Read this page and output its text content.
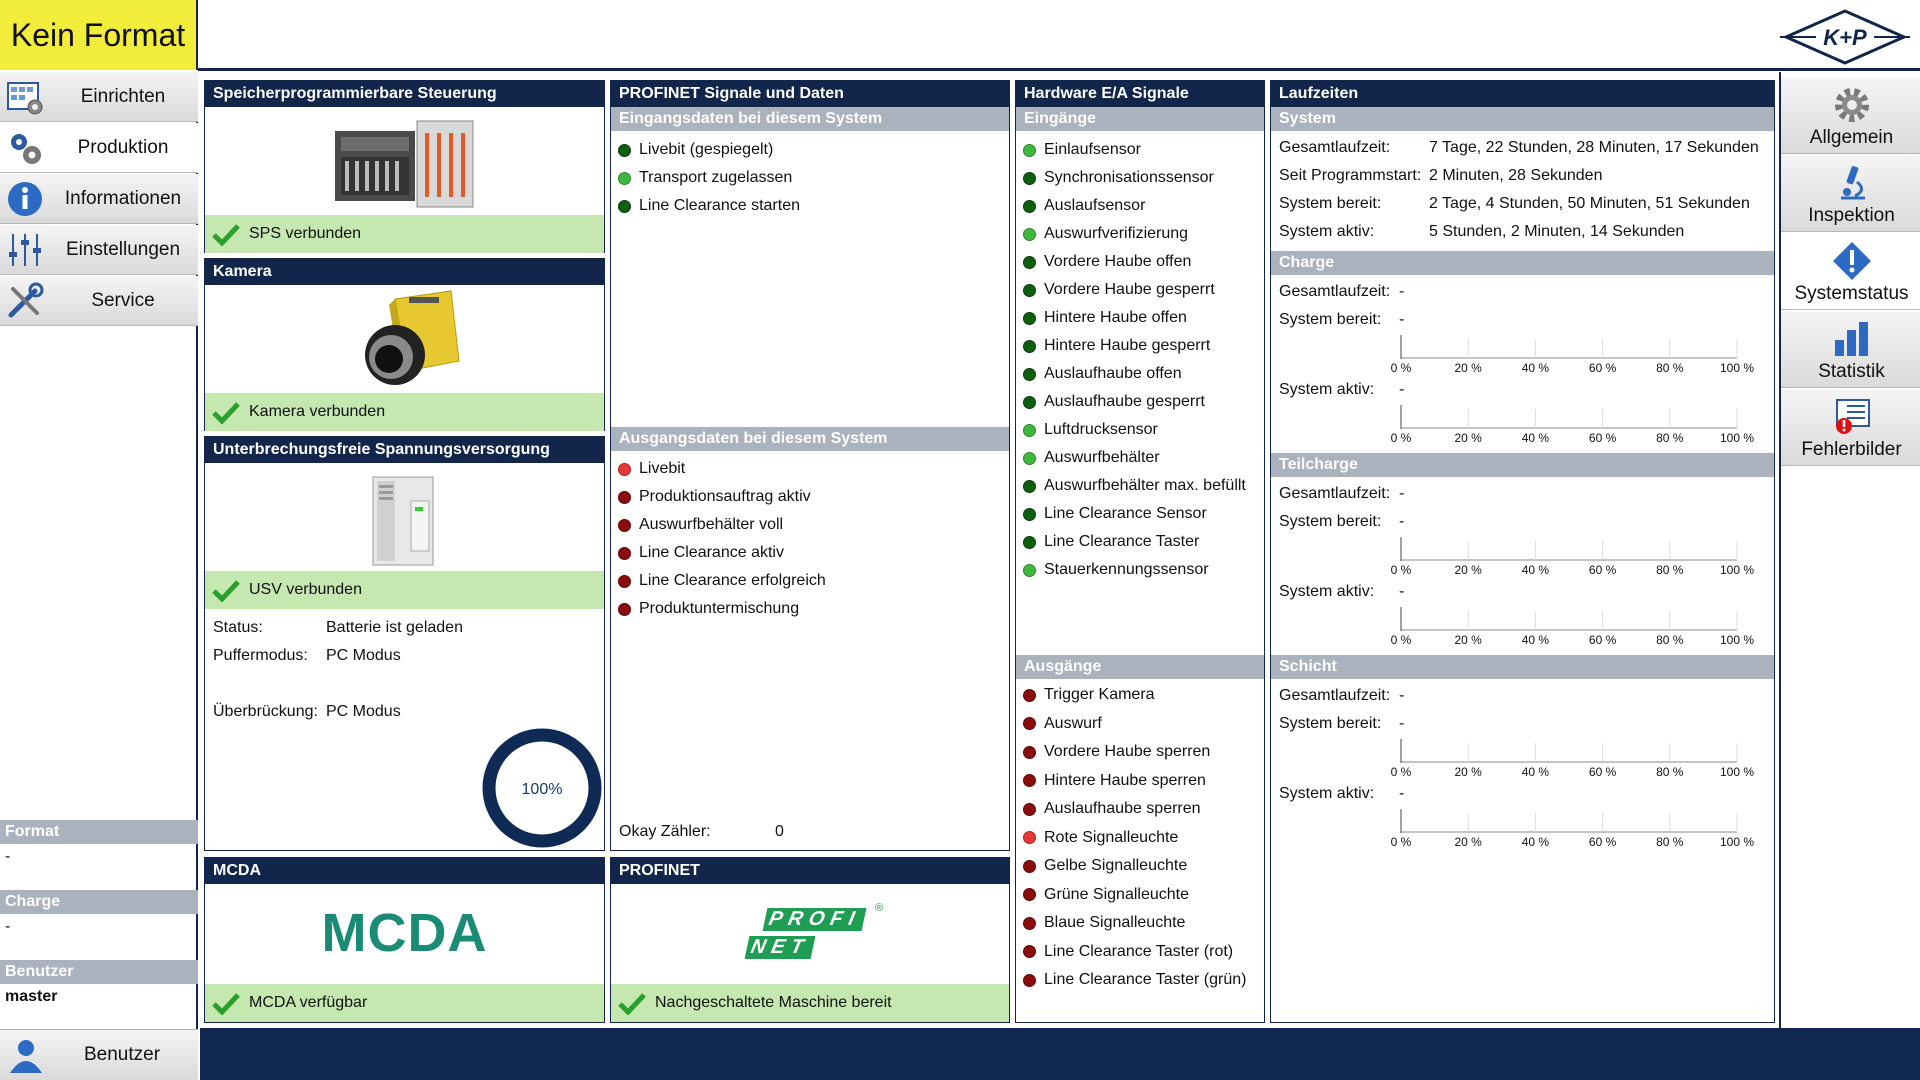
Kein Format	K+P
Einrichten
Produktion
Informationen
Einstellungen
Service
Format
-
Charge
-
Benutzer
master
Benutzer
Allgemein
Inspektion
Systemstatus
Statistik
Fehlerbilder
Speicherprogrammierbare Steuerung
SPS verbunden
Kamera
Kamera verbunden
Unterbrechungsfreie Spannungsversorgung
USV verbunden
Status:	Batterie ist geladen
Puffermodus: PC Modus
Überbrückung: PC Modus
100%
MCDA
MCDA
MCDA verfügbar
PROFINET
PROFI
NET
®
Nachgeschaltete Maschine bereit
PROFINET Signale und Daten
Eingangsdaten bei diesem System
Livebit (gespiegelt)
Transport zugelassen
Line Clearance starten
Ausgangsdaten bei diesem System
Livebit
Produktionsauftrag aktiv
Auswurfbehälter voll
Line Clearance aktiv
Line Clearance erfolgreich
Produktuntermischung
Okay Zähler:	0
Hardware E/A Signale
Eingänge
Einlaufsensor
Synchronisationssensor
Auslaufsensor
Auswurfverifizierung
Vordere Haube offen
Vordere Haube gesperrt
Hintere Haube offen
Hintere Haube gesperrt
Auslaufhaube offen
Auslaufhaube gesperrt
Luftdrucksensor
Auswurfbehälter
Auswurfbehälter max. befüllt
Line Clearance Sensor
Line Clearance Taster
Stauerkennungssensor
Ausgänge
Trigger Kamera
Auswurf
Vordere Haube sperren
Hintere Haube sperren
Auslaufhaube sperren
Rote Signalleuchte
Gelbe Signalleuchte
Grüne Signalleuchte
Blaue Signalleuchte
Line Clearance Taster (rot)
Line Clearance Taster (grün)
Laufzeiten
System
Gesamtlaufzeit: 7 Tage, 22 Stunden, 28 Minuten, 17 Sekunden
Seit Programmstart: 2 Minuten, 28 Sekunden
System bereit:	2 Tage, 4 Stunden, 50 Minuten, 51 Sekunden
System aktiv:	5 Stunden, 2 Minuten, 14 Sekunden
Charge
Gesamtlaufzeit: -
System bereit: -
0 %	20 %	40 %	60 %	80 %	100 %
System aktiv: -
0 %	20 %	40 %	60 %	80 %	100 %
Teilcharge
Gesamtlaufzeit: -
System bereit: -
0 %	20 %	40 %	60 %	80 %	100 %
System aktiv: -
0 %	20 %	40 %	60 %	80 %	100 %
Schicht
Gesamtlaufzeit: -
System bereit: -
0 %	20 %	40 %	60 %	80 %	100 %
System aktiv: -
0 %	20 %	40 %	60 %	80 %	100 %
